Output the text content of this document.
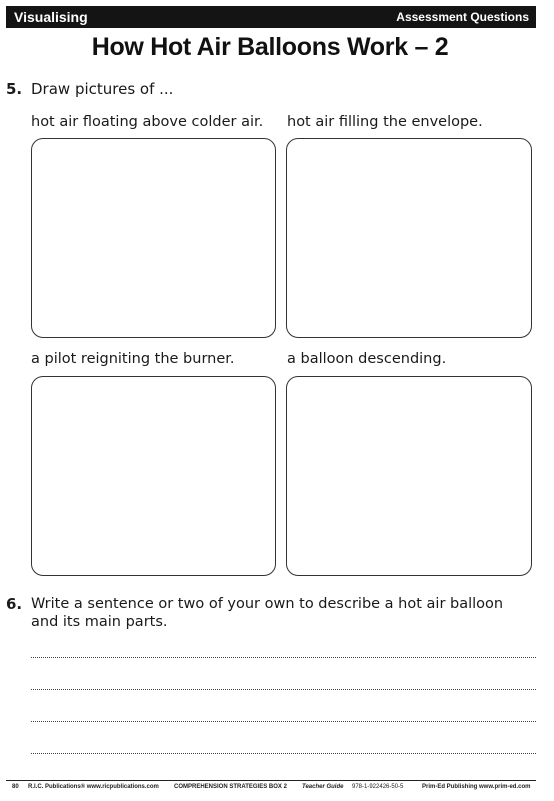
Visualising	Assessment Questions
How Hot Air Balloons Work – 2
5. Draw pictures of ...
hot air floating above colder air. hot air filling the envelope.
a pilot reigniting the burner.	a balloon descending.
6. Write a sentence or two of your own to describe a hot air balloon
and its main parts.
80 R.I.C. Publications® www.ricpublications.com	COMPREHENSION STRATEGIES BOX 2	Teacher Guide 978-1-922426-50-5	Prim-Ed Publishing www.prim-ed.com
